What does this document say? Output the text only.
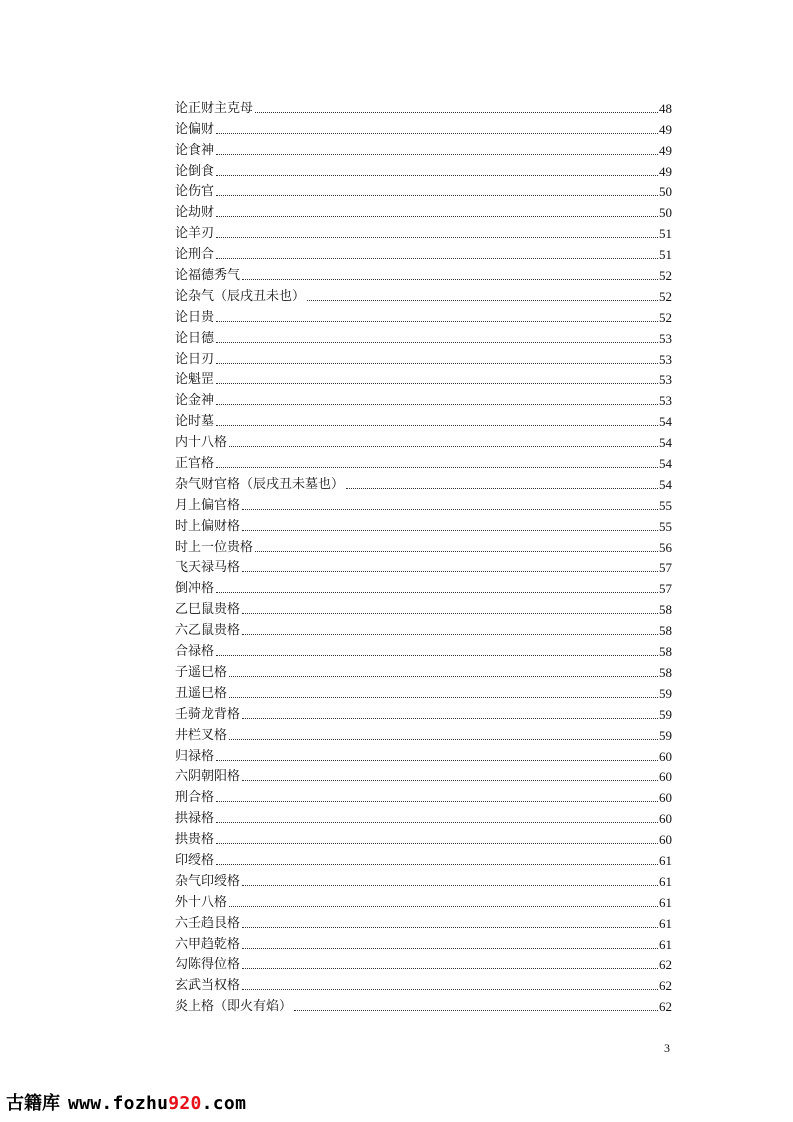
论正财主克母	48
论偏财	49
论食神	49
论倒食	49
论伤官	50
论劫财	50
论羊刃	51
论刑合	51
论福德秀气	52
论杂气（辰戌丑未也）	52
论日贵	52
论日德	53
论日刃	53
论魁罡	53
论金神	53
论时墓	54
内十八格	54
正官格	54
杂气财官格（辰戌丑未墓也）	54
月上偏官格	55
时上偏财格	55
时上一位贵格	56
飞天禄马格	57
倒冲格	57
乙巳鼠贵格	58
六乙鼠贵格	58
合禄格	58
子遥巳格	58
丑遥巳格	59
壬骑龙背格	59
井栏叉格	59
归禄格	60
六阴朝阳格	60
刑合格	60
拱禄格	60
拱贵格	60
印绶格	61
杂气印绶格	61
外十八格	61
六壬趋艮格	61
六甲趋乾格	61
勾陈得位格	62
玄武当权格	62
炎上格（即火有焰）	62
3
古籍库 www.fozhu920.com
